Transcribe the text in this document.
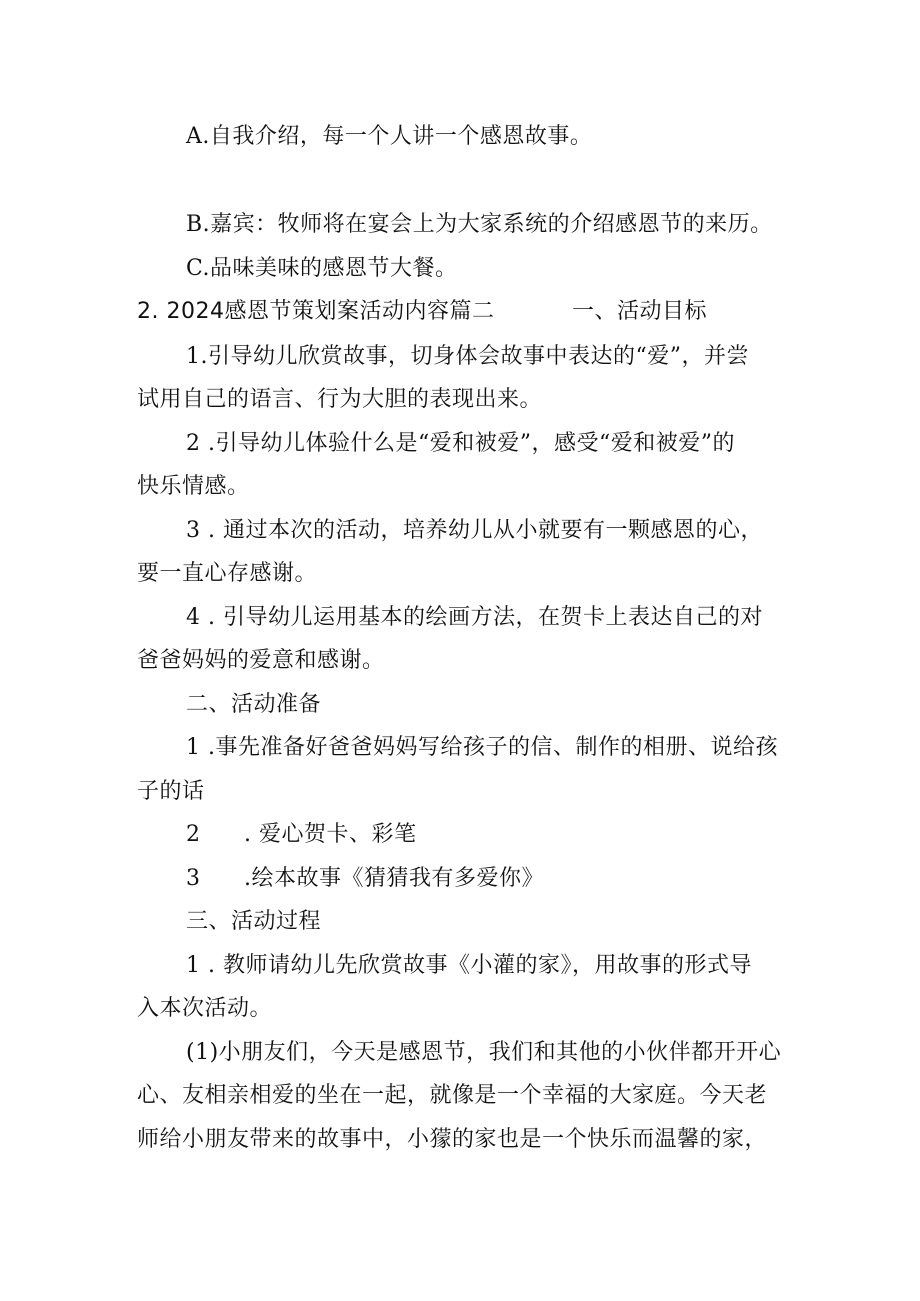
A.自我介绍，每一个人讲一个感恩故事。
B.嘉宾：牧师将在宴会上为大家系统的介绍感恩节的来历。
C.品味美味的感恩节大餐。
2. 2024感恩节策划案活动内容篇二	一、活动目标
1.引导幼儿欣赏故事，切身体会故事中表达的“爱”，并尝
试用自己的语言、行为大胆的表现出来。
2 .引导幼儿体验什么是“爱和被爱”，感受“爱和被爱”的
快乐情感。
3 . 通过本次的活动，培养幼儿从小就要有一颗感恩的心，
要一直心存感谢。
4 . 引导幼儿运用基本的绘画方法，在贺卡上表达自己的对
爸爸妈妈的爱意和感谢。
二、活动准备
1 .事先准备好爸爸妈妈写给孩子的信、制作的相册、说给孩
子的话
2 . 爱心贺卡、彩笔
3 .绘本故事《猜猜我有多爱你》
三、活动过程
1 . 教师请幼儿先欣赏故事《小灌的家》，用故事的形式导
入本次活动。
(1)小朋友们，今天是感恩节，我们和其他的小伙伴都开开心
心、友相亲相爱的坐在一起，就像是一个幸福的大家庭。今天老
师给小朋友带来的故事中，小獴的家也是一个快乐而温馨的家，
